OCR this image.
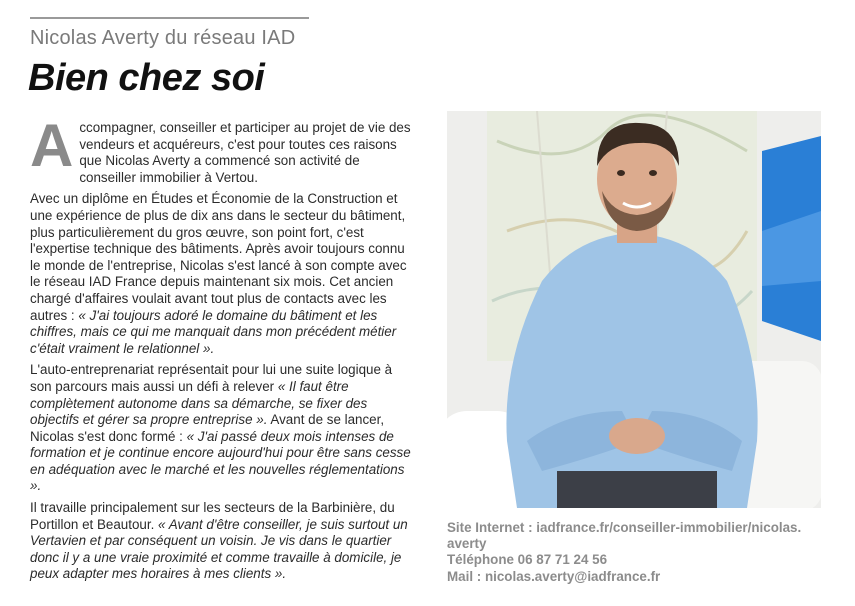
Nicolas Averty du réseau IAD
Bien chez soi

Accompagner, conseiller et participer au projet de vie des vendeurs et acquéreurs, c'est pour toutes ces raisons que Nicolas Averty a commencé son activité de conseiller immobilier à Vertou.

Avec un diplôme en Études et Économie de la Construction et une expérience de plus de dix ans dans le secteur du bâtiment, plus particulièrement du gros œuvre, son point fort, c'est l'expertise technique des bâtiments. Après avoir toujours connu le monde de l'entreprise, Nicolas s'est lancé à son compte avec le réseau IAD France depuis maintenant six mois. Cet ancien chargé d'affaires voulait avant tout plus de contacts avec les autres : « J'ai toujours adoré le domaine du bâtiment et les chiffres, mais ce qui me manquait dans mon précédent métier c'était vraiment le relationnel ».

L'auto-entreprenariat représentait pour lui une suite logique à son parcours mais aussi un défi à relever « Il faut être complètement autonome dans sa démarche, se fixer des objectifs et gérer sa propre entreprise ». Avant de se lancer, Nicolas s'est donc formé : « J'ai passé deux mois intenses de formation et je continue encore aujourd'hui pour être sans cesse en adéquation avec le marché et les nouvelles réglementations ».

Il travaille principalement sur les secteurs de la Barbinière, du Portillon et Beautour. « Avant d'être conseiller, je suis surtout un Vertavien et par conséquent un voisin. Je vis dans le quartier donc il y a une vraie proximité et comme travaille à domicile, je peux adapter mes horaires à mes clients ».

Site Internet : iadfrance.fr/conseiller-immobilier/nicolas.
averty
Téléphone 06 87 71 24 56
Mail : nicolas.averty@iadfrance.fr
